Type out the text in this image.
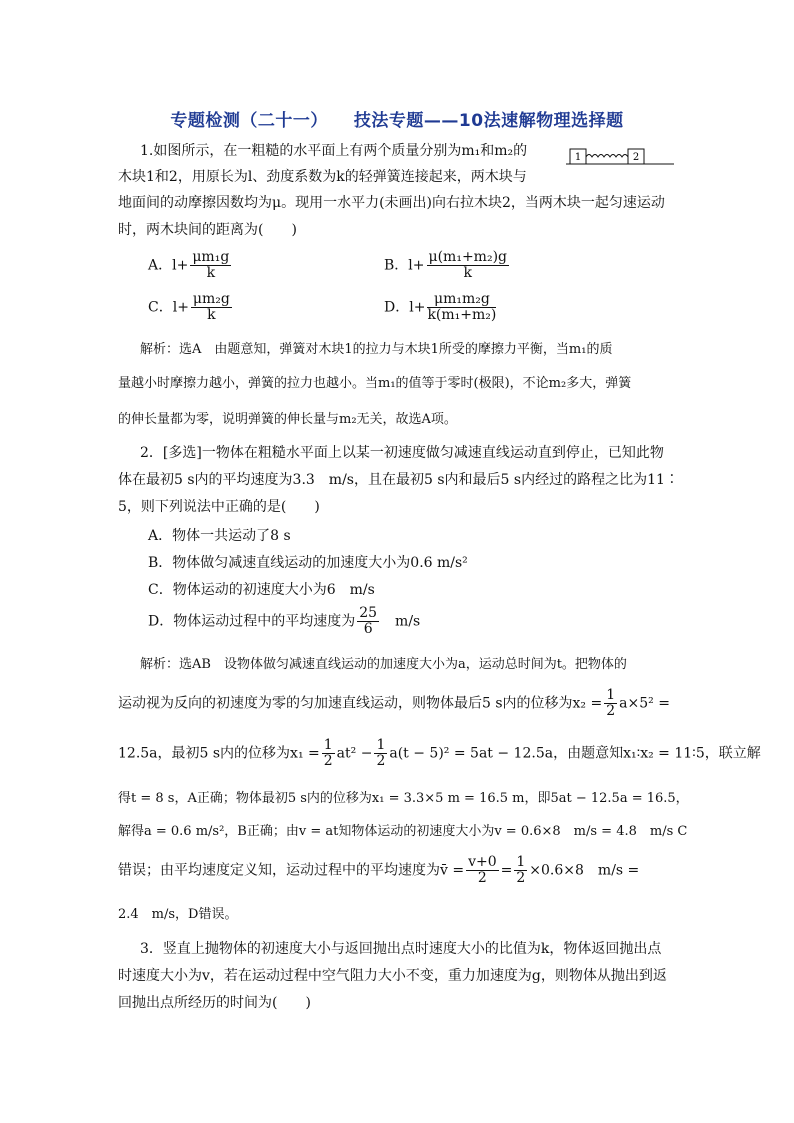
专题检测（二十一） 技法专题——10法速解物理选择题
1.如图所示，在一粗糙的水平面上有两个质量分别为m₁和m₂的
木块1和2，用原长为l、劲度系数为k的轻弹簧连接起来，两木块与
地面间的动摩擦因数均为μ。现用一水平力(未画出)向右拉木块2，当两木块一起匀速运动
时，两木块间的距离为(　　)
1	2
A．$l+ \frac{\text{μm₁g}}{k}$	B．$l+ \frac{\text{μ(m₁+m₂)g}}{k}$
C．$l+ \frac{\text{μm₂g}}{k}$	D．$l+ \frac{\text{μm₁m₂g}}{\text{k(m₁+m₂)}}$
解析：选A　由题意知，弹簧对木块1的拉力与木块1所受的摩擦力平衡，当m₁的质
量越小时摩擦力越小，弹簧的拉力也越小。当m₁的值等于零时(极限)，不论m₂多大，弹簧
的伸长量都为零，说明弹簧的伸长量与m₂无关，故选A项。
2．[多选]一物体在粗糙水平面上以某一初速度做匀减速直线运动直到停止，已知此物
体在最初5 s内的平均速度为3.3　m/s，且在最初5 s内和最后5 s内经过的路程之比为11∶
5，则下列说法中正确的是(　　)
A．物体一共运动了8 s
B．物体做匀减速直线运动的加速度大小为0.6 m/s²
C．物体运动的初速度大小为6　m/s
D．物体运动过程中的平均速度为 $\frac{25}{6}$ 　m/s
解析：选AB　设物体做匀减速直线运动的加速度大小为a，运动总时间为t。把物体的
运动视为反向的初速度为零的匀加速直线运动，则物体最后5 s内的位移为$x_2 = \frac{1}{2} a\times 5^2$ =
12.5a，最初5 s内的位移为$x_1 = \frac{1}{2} at^2 - \frac{1}{2} a(t - 5)^2 = 5at - 12.5a$，由题意知x₁∶x₂ = 11∶5，联立解
得t = 8 s，A正确；物体最初5 s内的位移为x₁ = 3.3×5 m = 16.5 m，即5at − 12.5a = 16.5，
解得a = 0.6 m/s²，B正确；由v = at知物体运动的初速度大小为v = 0.6×8　m/s = 4.8　m/s C
错误；由平均速度定义知，运动过程中的平均速度为v̄ = $\frac{v+0}{2} = \frac{1}{2} \times 0.6\times 8$　m/s =
2.4　m/s，D错误。
3．竖直上抛物体的初速度大小与返回抛出点时速度大小的比值为k，物体返回抛出点
时速度大小为v，若在运动过程中空气阻力大小不变，重力加速度为g，则物体从抛出到返
回抛出点所经历的时间为(　　)
